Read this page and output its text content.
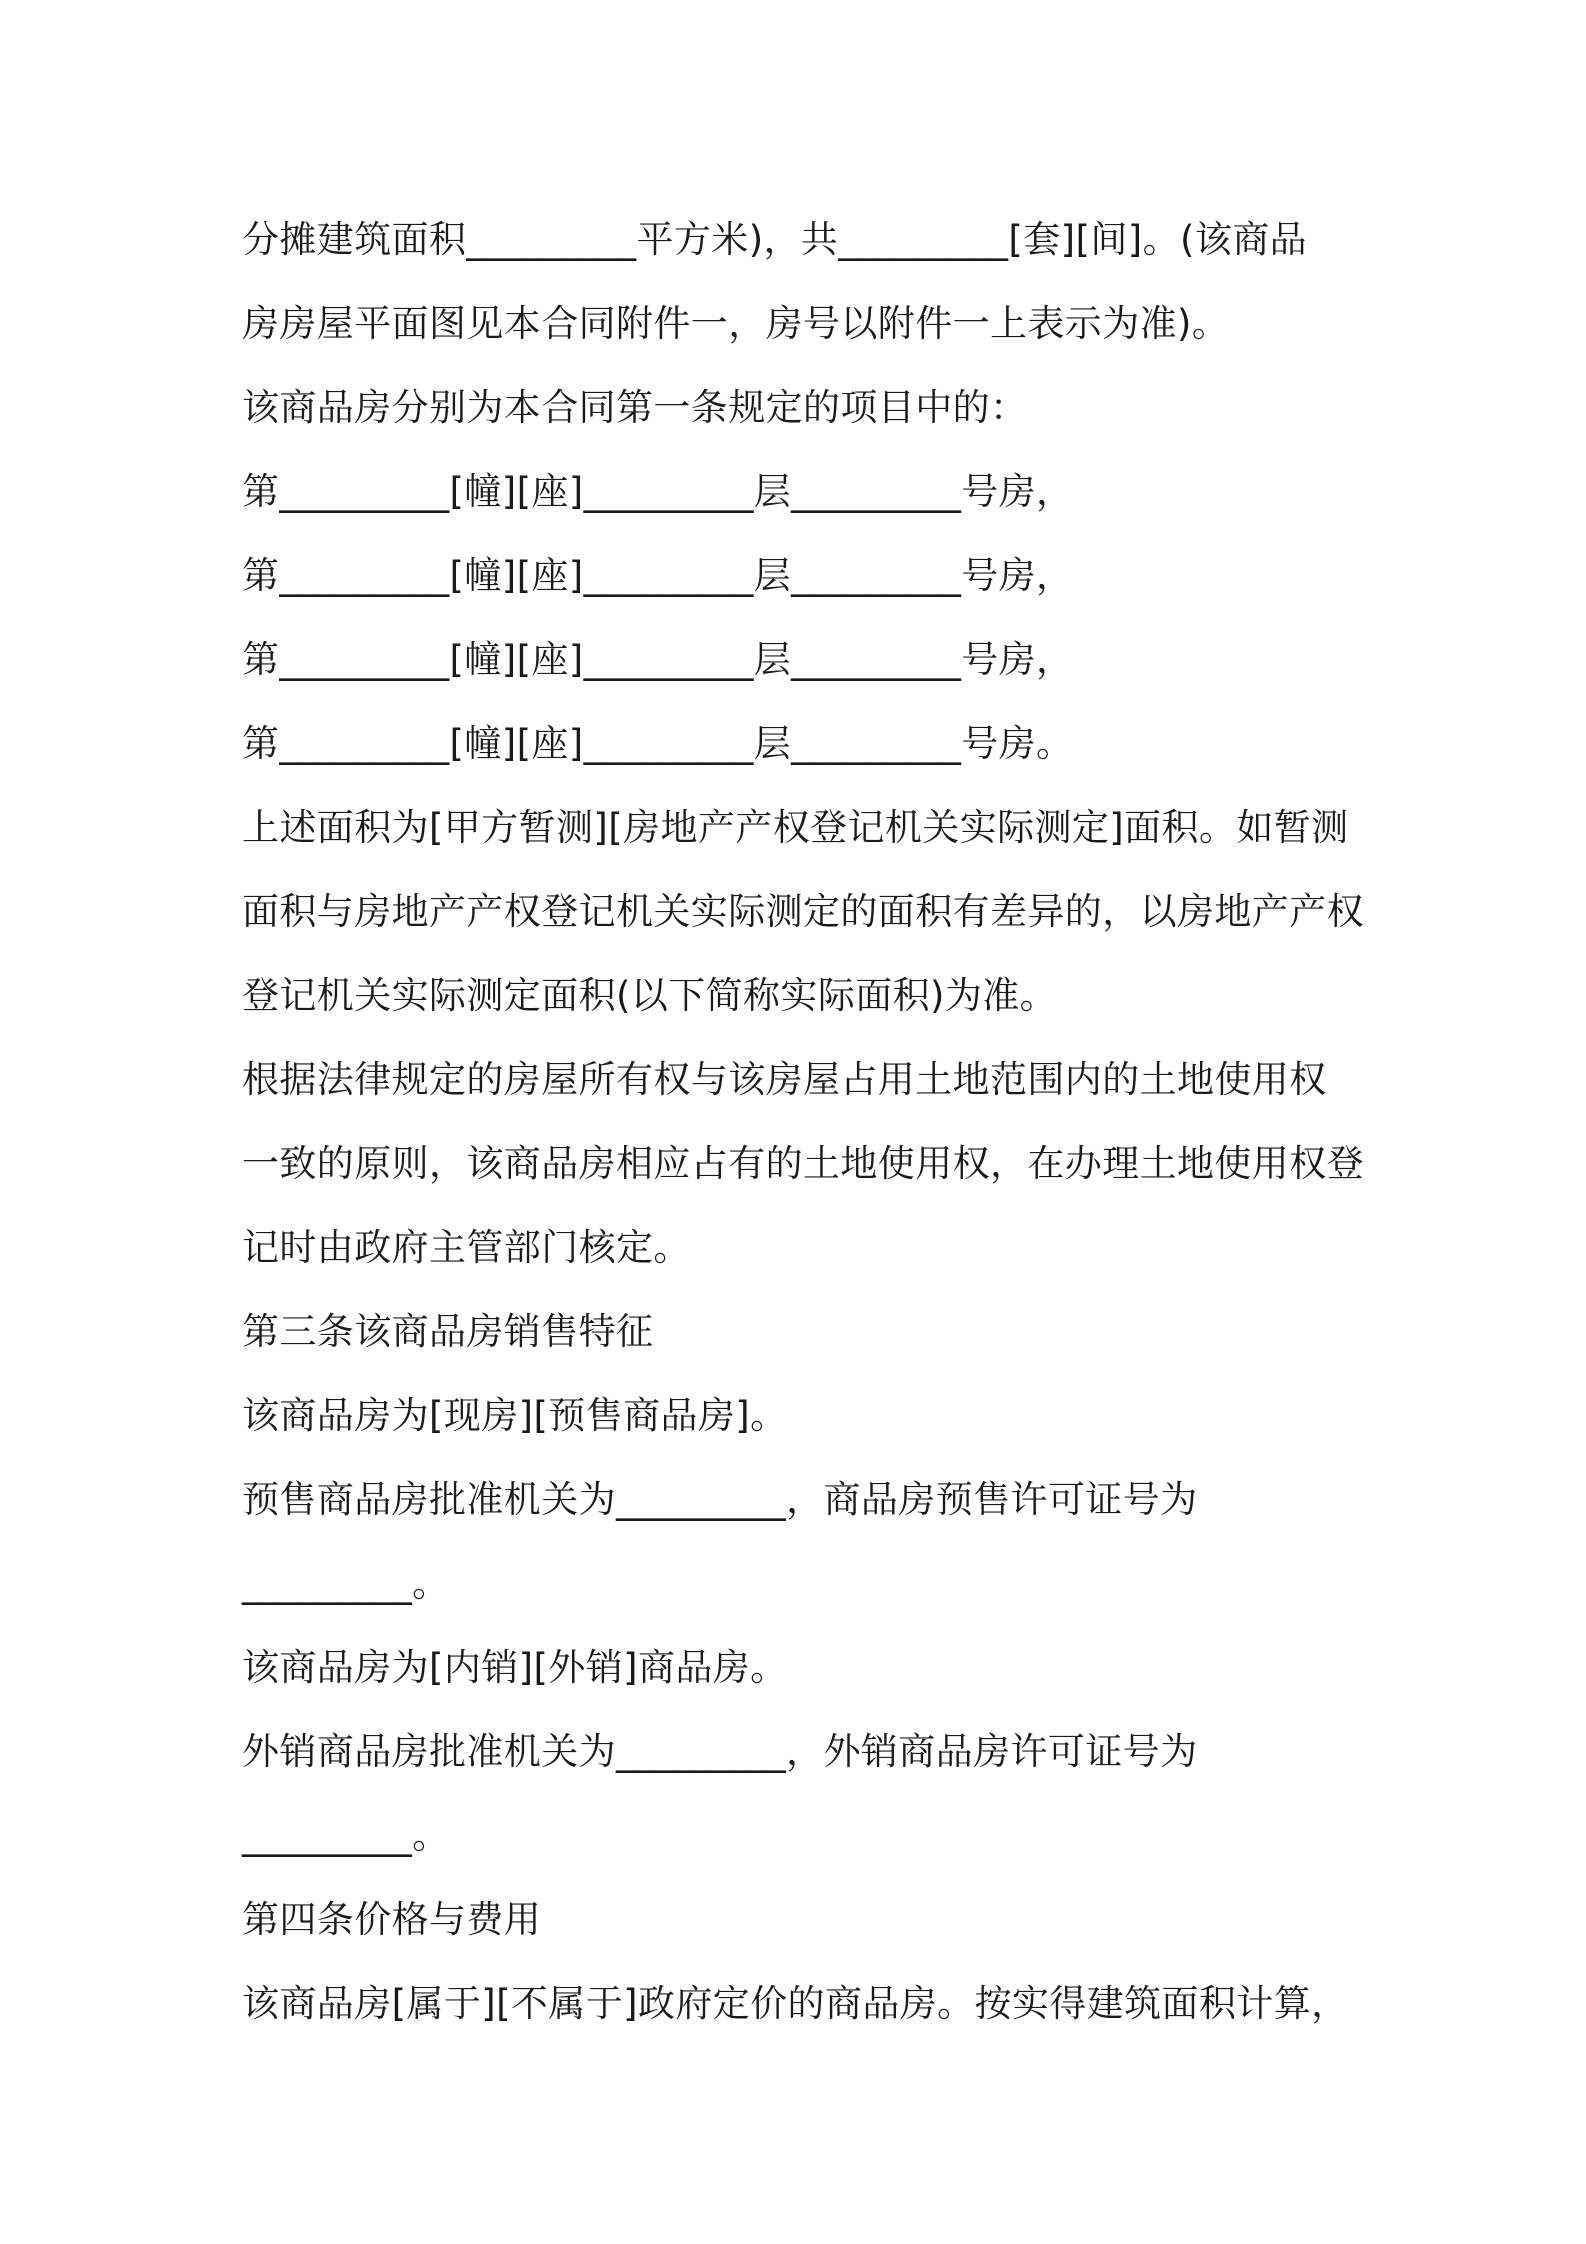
分摊建筑面积_________平方米)，共_________[套][间]。(该商品
房房屋平面图见本合同附件一，房号以附件一上表示为准)。
该商品房分别为本合同第一条规定的项目中的：
第_________[幢][座]_________层_________号房，
第_________[幢][座]_________层_________号房，
第_________[幢][座]_________层_________号房，
第_________[幢][座]_________层_________号房。
上述面积为[甲方暂测][房地产产权登记机关实际测定]面积。如暂测
面积与房地产产权登记机关实际测定的面积有差异的，以房地产产权
登记机关实际测定面积(以下简称实际面积)为准。
根据法律规定的房屋所有权与该房屋占用土地范围内的土地使用权
一致的原则，该商品房相应占有的土地使用权，在办理土地使用权登
记时由政府主管部门核定。
第三条该商品房销售特征
该商品房为[现房][预售商品房]。
预售商品房批准机关为_________，商品房预售许可证号为
_________。
该商品房为[内销][外销]商品房。
外销商品房批准机关为_________，外销商品房许可证号为
_________。
第四条价格与费用
该商品房[属于][不属于]政府定价的商品房。按实得建筑面积计算，
